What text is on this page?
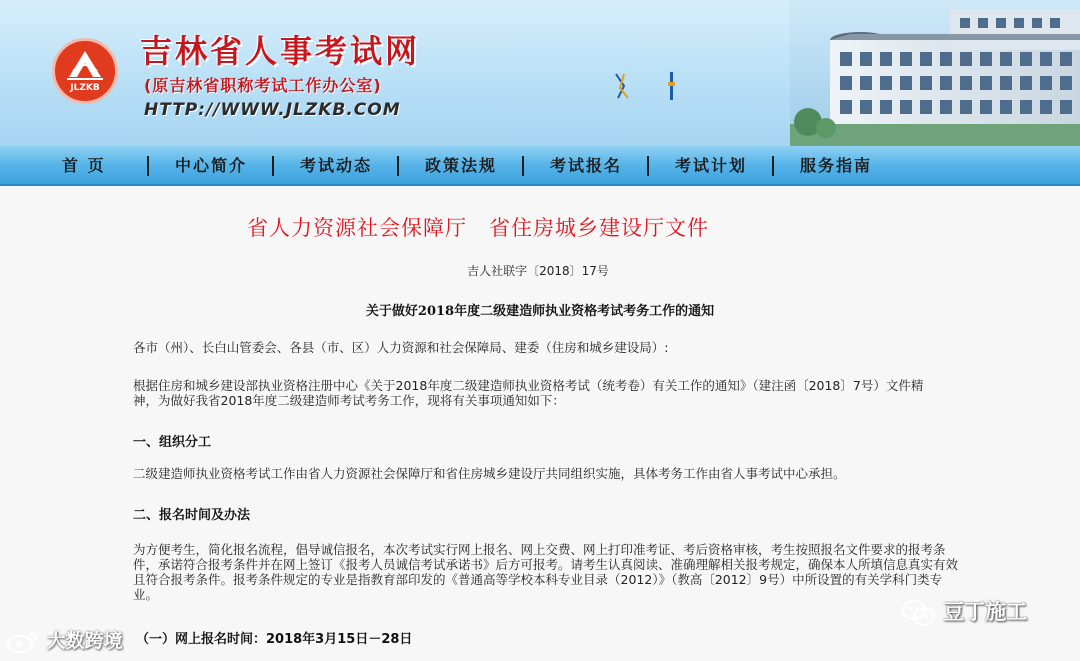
JLZKB
吉林省人事考试网
(原吉林省职称考试工作办公室)
HTTP://WWW.JLZKB.COM
首 页	中心简介	考试动态	政策法规	考试报名	考试计划	服务指南
省人力资源社会保障厅　省住房城乡建设厅文件
吉人社联字〔2018〕17号
关于做好2018年度二级建造师执业资格考试考务工作的通知
各市（州）、长白山管委会、各县（市、区）人力资源和社会保障局、建委（住房和城乡建设局）:
根据住房和城乡建设部执业资格注册中心《关于2018年度二级建造师执业资格考试（统考卷）有关工作的通知》（建注函〔2018〕7号）文件精神，为做好我省2018年度二级建造师考试考务工作，现将有关事项通知如下：
一、组织分工
二级建造师执业资格考试工作由省人力资源社会保障厅和省住房城乡建设厅共同组织实施，具体考务工作由省人事考试中心承担。
二、报名时间及办法
为方便考生，简化报名流程，倡导诚信报名，本次考试实行网上报名、网上交费、网上打印准考证、考后资格审核，考生按照报名文件要求的报考条件，承诺符合报考条件并在网上签订《报考人员诚信考试承诺书》后方可报考。请考生认真阅读、准确理解相关报考规定，确保本人所填信息真实有效且符合报考条件。报考条件规定的专业是指教育部印发的《普通高等学校本科专业目录（2012）》（教高〔2012〕9号）中所设置的有关学科门类专业。
（一）网上报名时间：2018年3月15日－28日
大数跨境
豆丁施工
